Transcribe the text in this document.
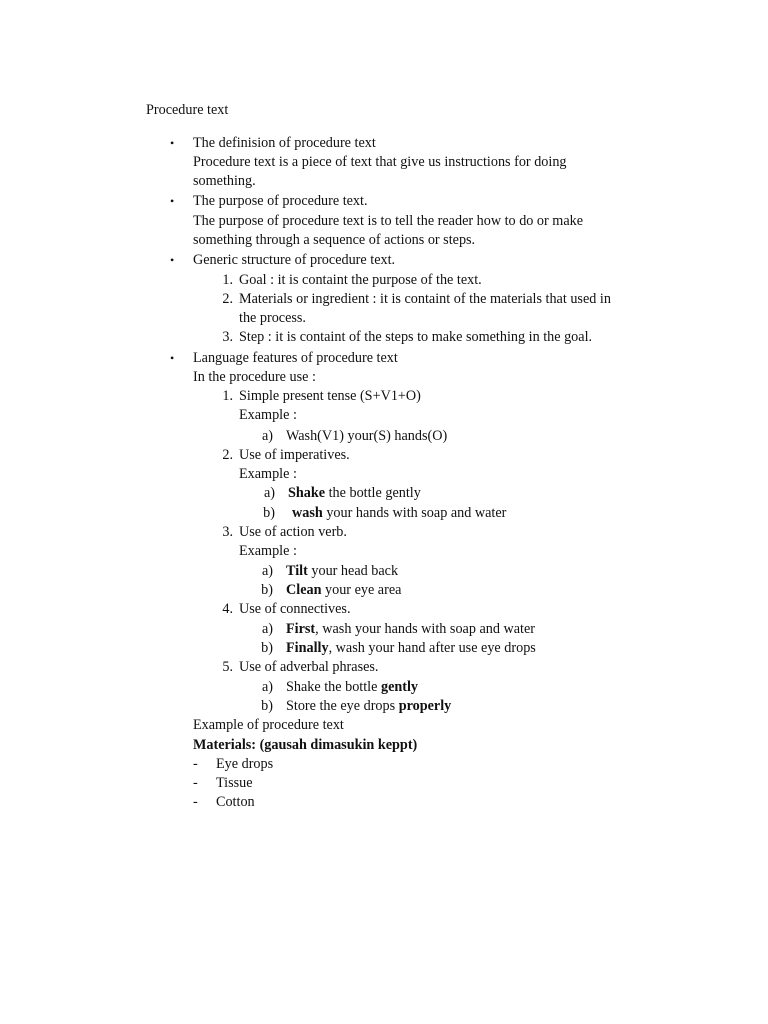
Procedure text
• The definision of procedure text
Procedure text is a piece of text that give us instructions for doing
something.
• The purpose of procedure text.
The purpose of procedure text is to tell the reader how to do or make
something through a sequence of actions or steps.
• Generic structure of procedure text.
1. Goal : it is containt the purpose of the text.
2. Materials or ingredient : it is containt of the materials that used in
the process.
3. Step : it is containt of the steps to make something in the goal.
• Language features of procedure text
In the procedure use :
1. Simple present tense (S+V1+O)
Example :
a) Wash(V1) your(S) hands(O)
2. Use of imperatives.
Example :
a) Shake the bottle gently
b) wash your hands with soap and water
3. Use of action verb.
Example :
a) Tilt your head back
b) Clean your eye area
4. Use of connectives.
a) First, wash your hands with soap and water
b) Finally, wash your hand after use eye drops
5. Use of adverbal phrases.
a) Shake the bottle gently
b) Store the eye drops properly
Example of procedure text
Materials: (gausah dimasukin keppt)
- Eye drops
- Tissue
- Cotton
